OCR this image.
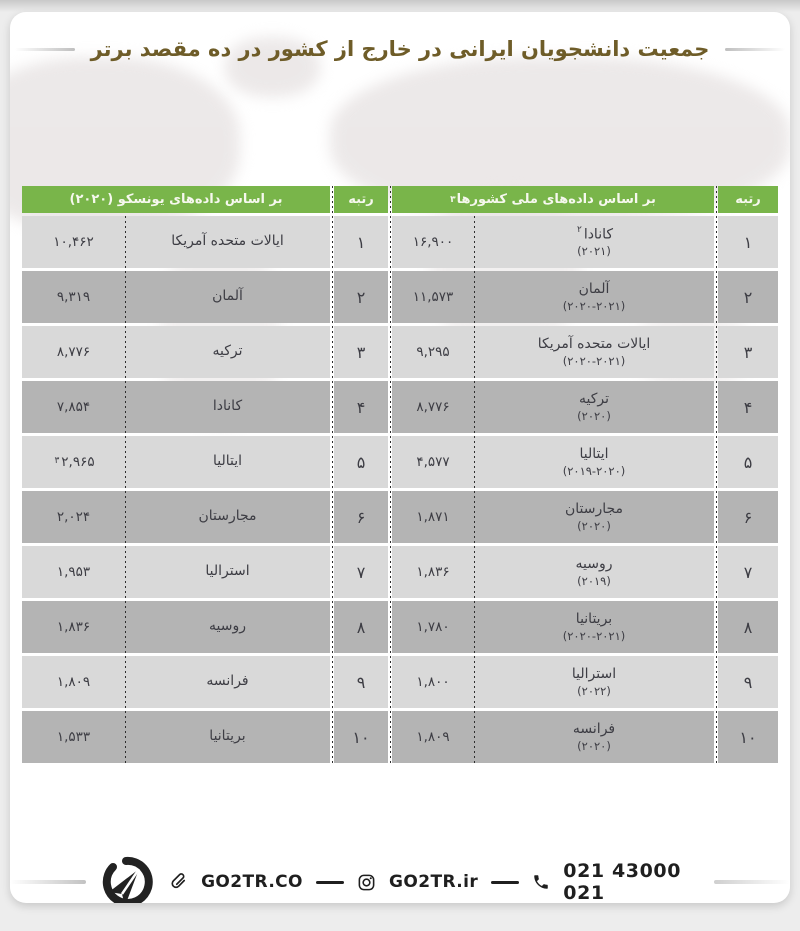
جمعیت دانشجویان ایرانی در خارج از کشور در ده مقصد برتر
رتبه
بر اساس داده‌های ملی کشورها
۳
رتبه
بر اساس داده‌های یونسکو (۲۰۲۰)
۱
کانادا$^۲$
(۲۰۲۱)
۱۶,۹۰۰
۱
ایالات متحده آمریکا
۱۰,۴۶۲
۲
آلمان
(۲۰۲۰-۲۰۲۱)
۱۱,۵۷۳
۲
آلمان
۹,۳۱۹
۳
ایالات متحده آمریکا
(۲۰۲۰-۲۰۲۱)
۹,۲۹۵
۳
ترکیه
۸,۷۷۶
۴
ترکیه
(۲۰۲۰)
۸,۷۷۶
۴
کانادا
۷,۸۵۴
۵
ایتالیا
(۲۰۱۹-۲۰۲۰)
۴,۵۷۷
۵
ایتالیا
۲,۹۶۵
$^۳$
۶
مجارستان
(۲۰۲۰)
۱,۸۷۱
۶
مجارستان
۲,۰۲۴
۷
روسیه
(۲۰۱۹)
۱,۸۳۶
۷
استرالیا
۱,۹۵۳
۸
بریتانیا
(۲۰۲۰-۲۰۲۱)
۱,۷۸۰
۸
روسیه
۱,۸۳۶
۹
استرالیا
(۲۰۲۲)
۱,۸۰۰
۹
فرانسه
۱,۸۰۹
۱۰
فرانسه
(۲۰۲۰)
۱,۸۰۹
۱۰
بریتانیا
۱,۵۳۳
GO2TR.CO	GO2TR.ir	021 43000 021
